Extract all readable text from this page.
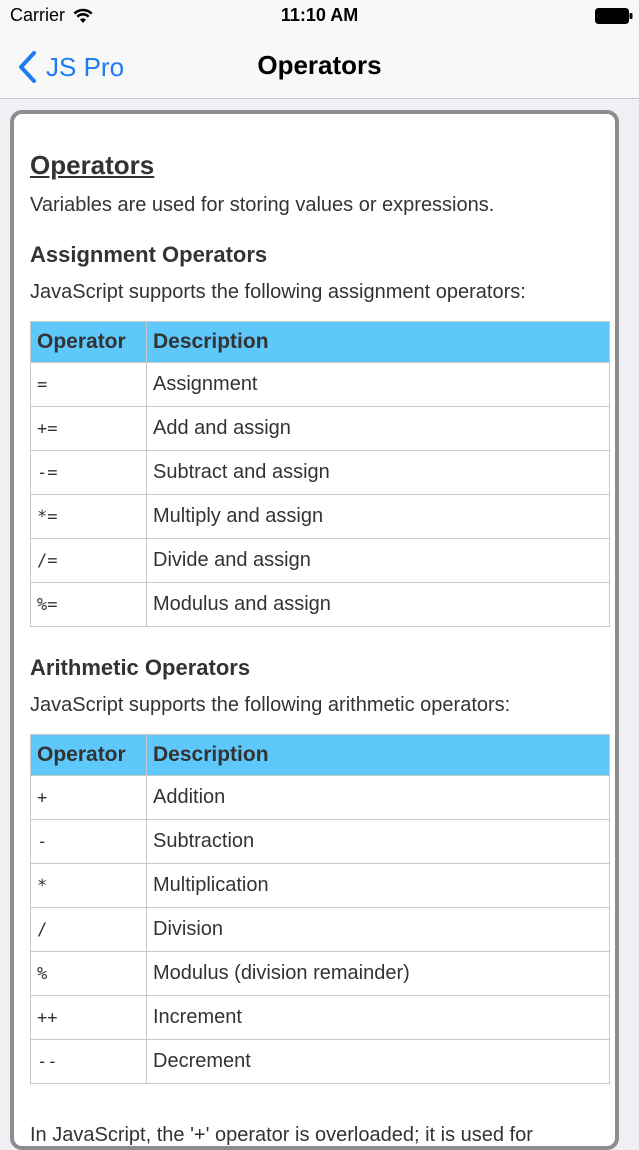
Carrier	11:10 AM
JS Pro	Operators
Operators
Variables are used for storing values or expressions.
Assignment Operators
JavaScript supports the following assignment operators:
Operator	Description
=	Assignment
+=	Add and assign
-=	Subtract and assign
*=	Multiply and assign
/=	Divide and assign
%=	Modulus and assign
Arithmetic Operators
JavaScript supports the following arithmetic operators:
Operator	Description
+	Addition
-	Subtraction
*	Multiplication
/	Division
%	Modulus (division remainder)
++	Increment
--	Decrement
In JavaScript, the '+' operator is overloaded; it is used for
